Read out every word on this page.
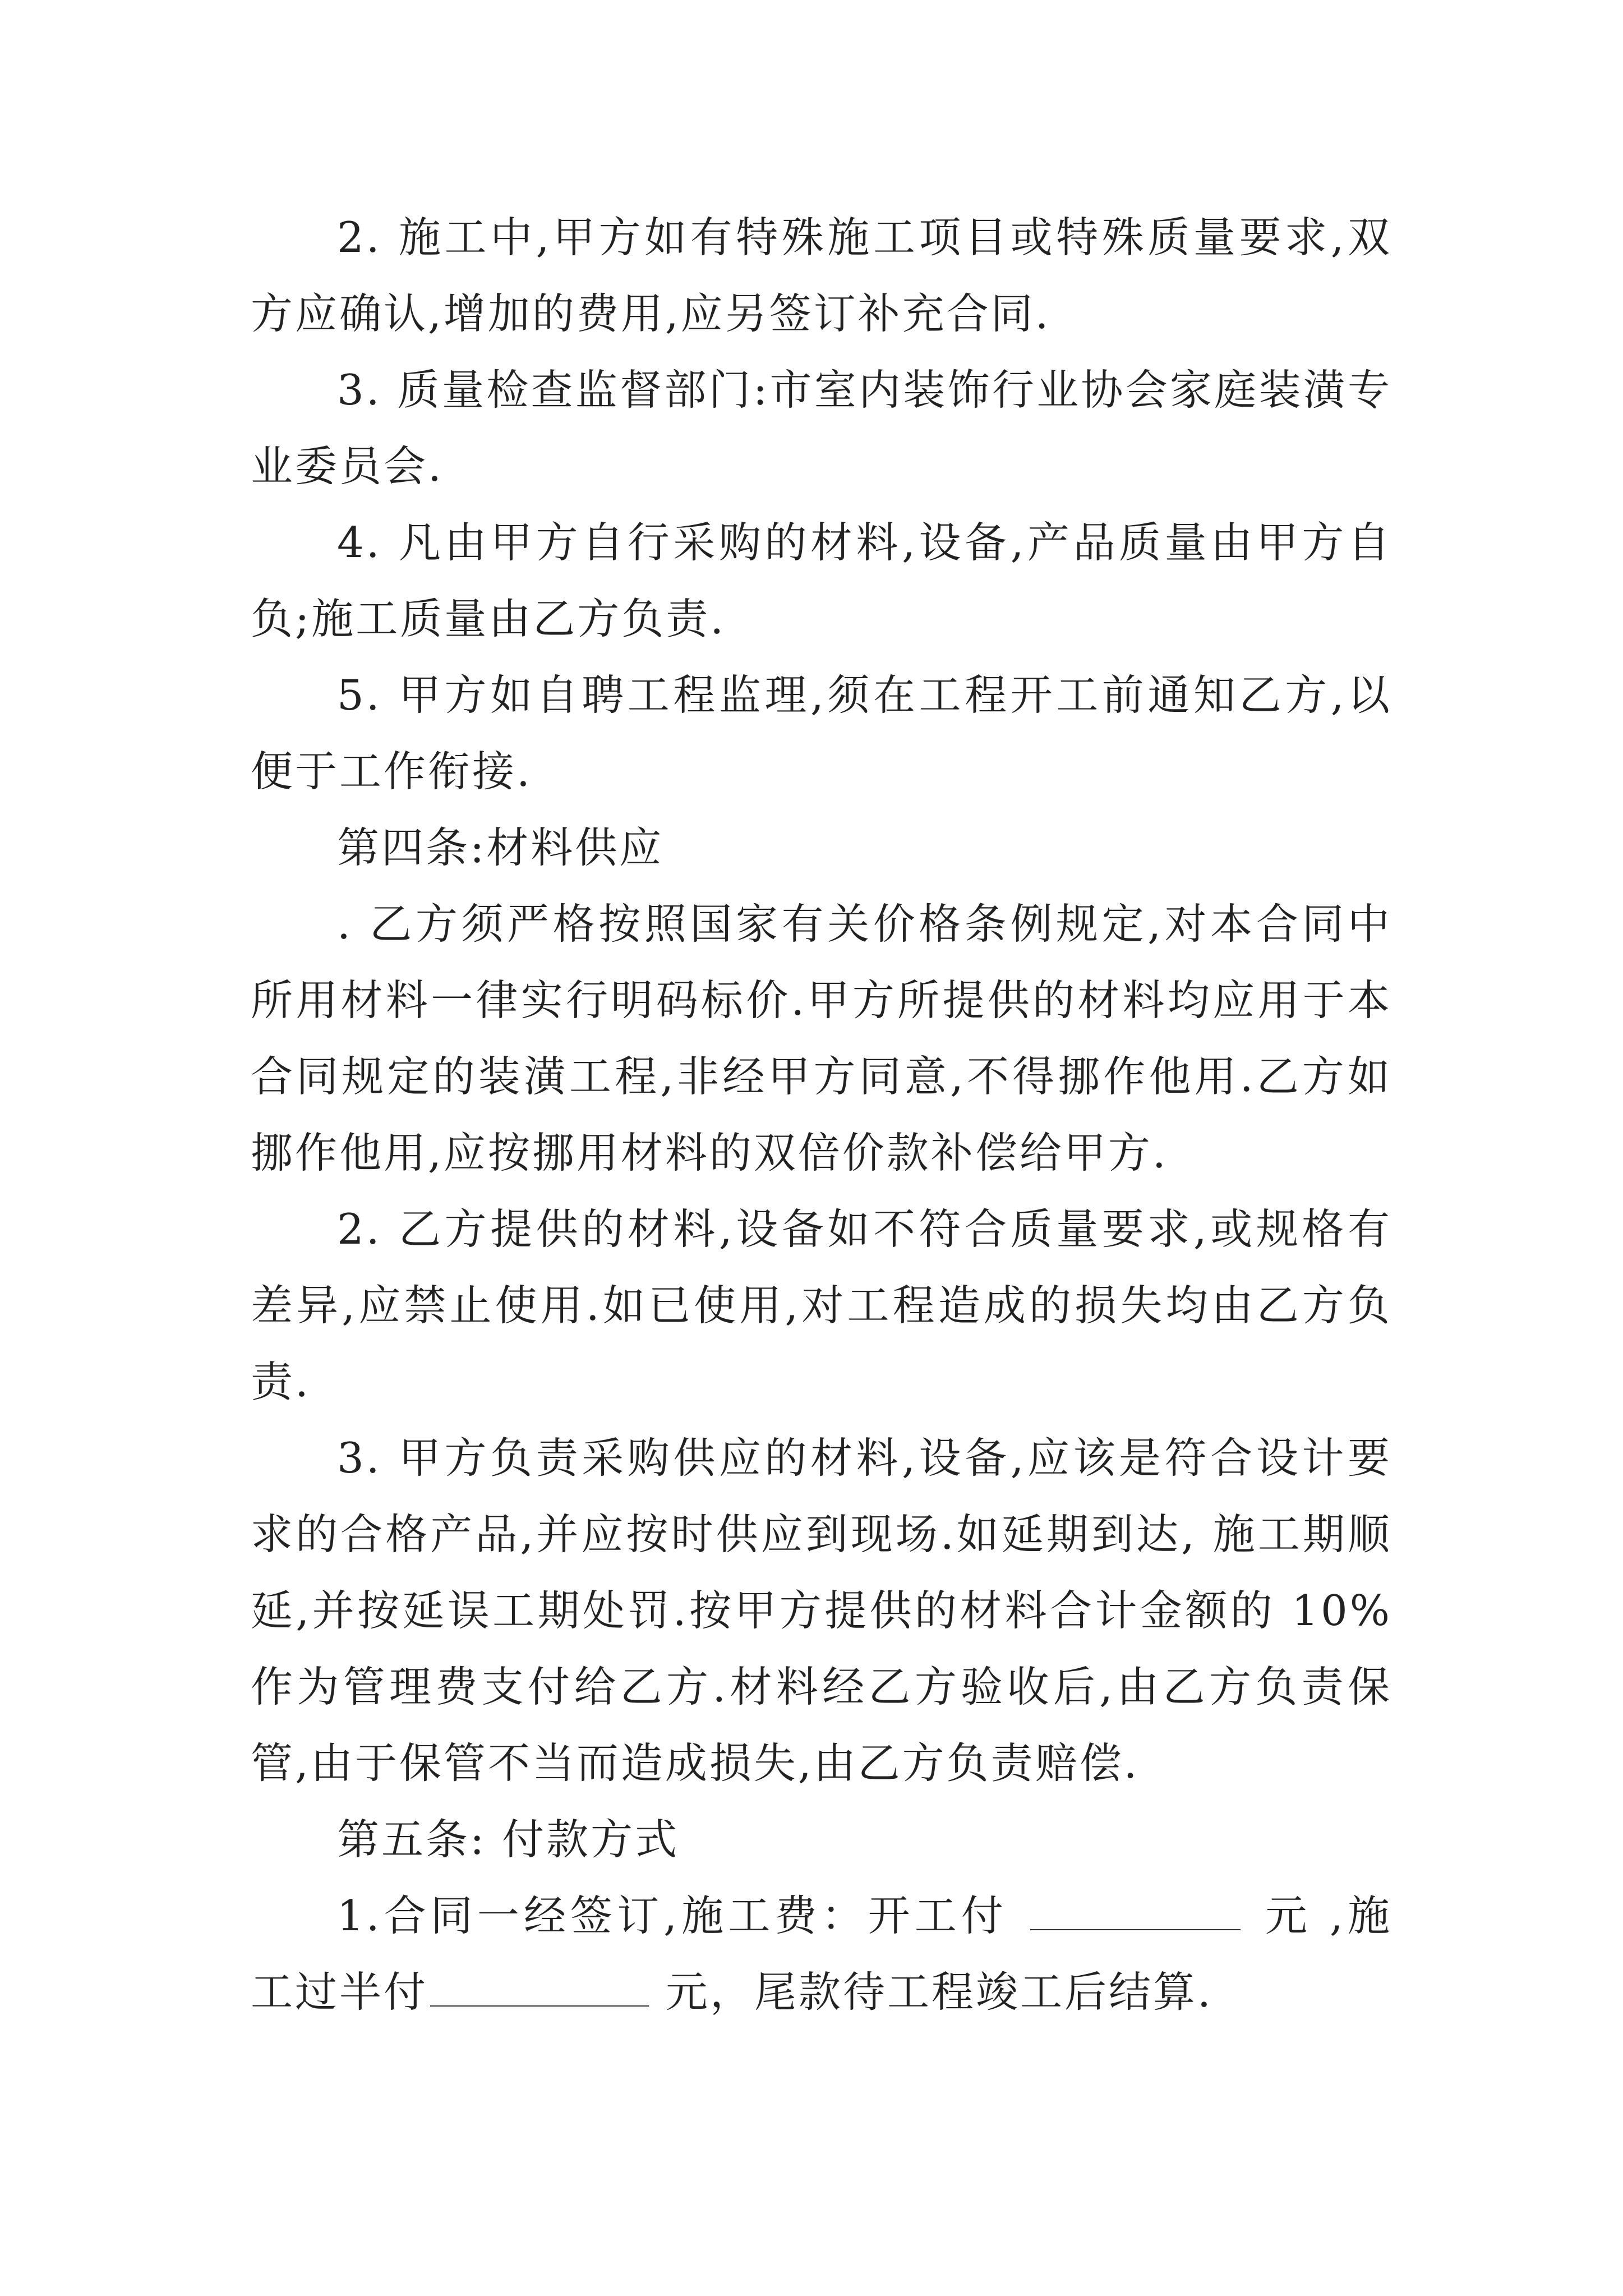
2. 施工中,甲方如有特殊施工项目或特殊质量要求,双方应确认,增加的费用,应另签订补充合同.

3. 质量检查监督部门:市室内装饰行业协会家庭装潢专业委员会.

4. 凡由甲方自行采购的材料,设备,产品质量由甲方自负;施工质量由乙方负责.

5. 甲方如自聘工程监理,须在工程开工前通知乙方,以便于工作衔接.

第四条:材料供应

. 乙方须严格按照国家有关价格条例规定,对本合同中所用材料一律实行明码标价.甲方所提供的材料均应用于本合同规定的装潢工程,非经甲方同意,不得挪作他用.乙方如挪作他用,应按挪用材料的双倍价款补偿给甲方.

2. 乙方提供的材料,设备如不符合质量要求,或规格有差异,应禁止使用.如已使用,对工程造成的损失均由乙方负责.

3. 甲方负责采购供应的材料,设备,应该是符合设计要求的合格产品,并应按时供应到现场.如延期到达, 施工期顺延,并按延误工期处罚.按甲方提供的材料合计金额的 10%作为管理费支付给乙方.材料经乙方验收后,由乙方负责保管,由于保管不当而造成损失,由乙方负责赔偿.

第五条: 付款方式

1.合同一经签订,施工费：开工付	元 ,施工过半付	元，尾款待工程竣工后结算.
